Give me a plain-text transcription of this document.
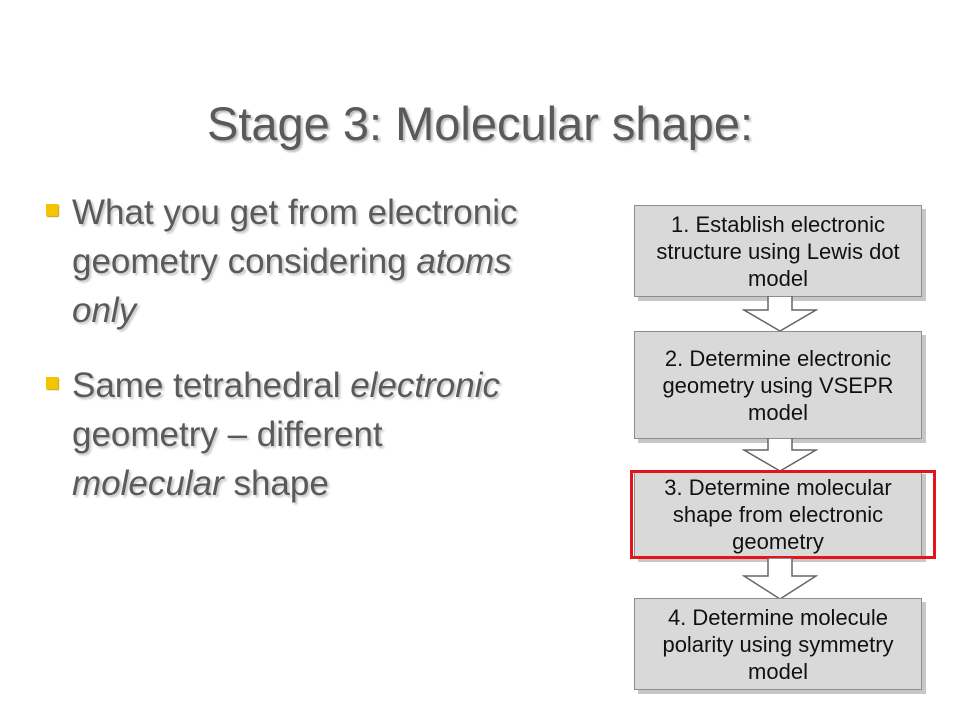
Stage 3: Molecular shape:
What you get from electronic
geometry considering atoms
only
Same tetrahedral electronic
geometry – different
molecular shape
1. Establish electronic structure using Lewis dot model
2. Determine electronic geometry using VSEPR model
3. Determine molecular shape from electronic geometry
4. Determine molecule polarity using symmetry model
